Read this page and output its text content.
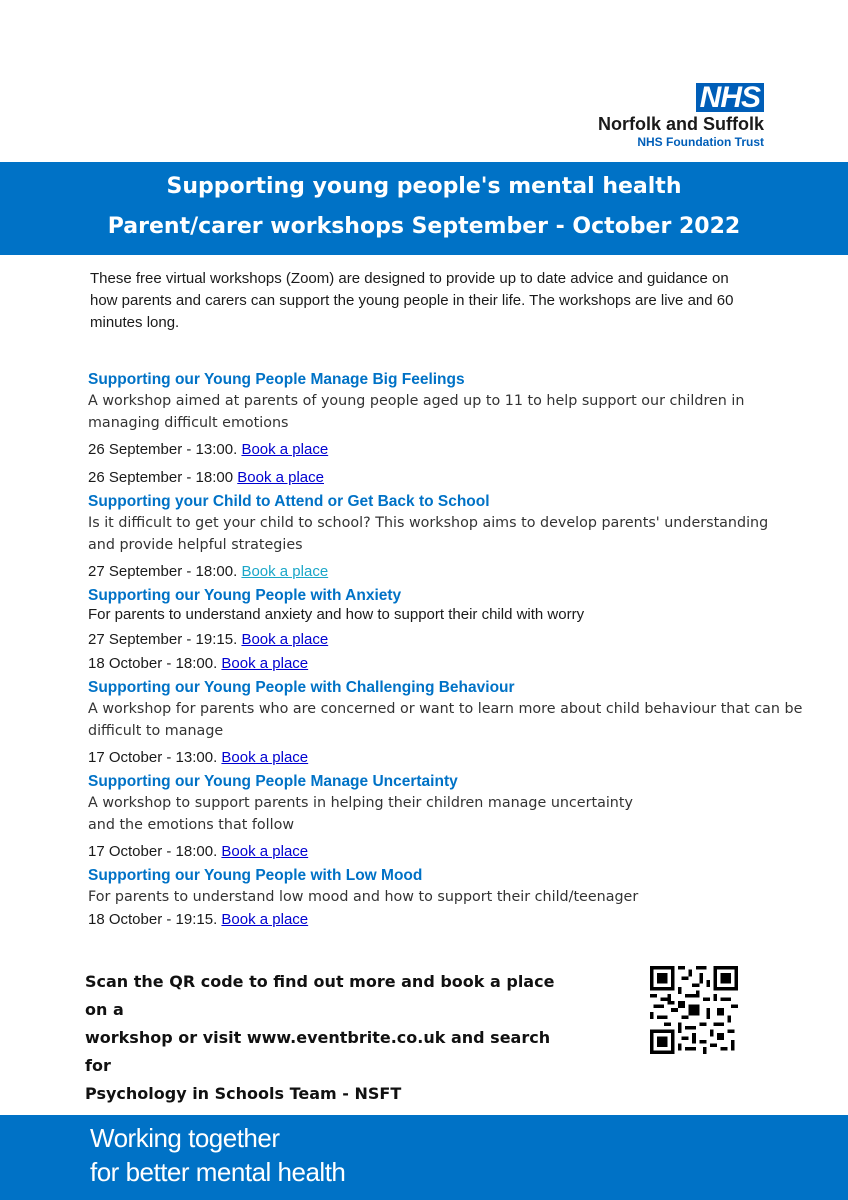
NHS
Norfolk and Suffolk
NHS Foundation Trust
Supporting young people's mental health
Parent/carer workshops September - October 2022
These free virtual workshops (Zoom) are designed to provide up to date advice and guidance on how parents and carers can support the young people in their life. The workshops are live and 60 minutes long.
Supporting our Young People Manage Big Feelings
A workshop aimed at parents of young people aged up to 11 to help support our children in managing difficult emotions
26 September - 13:00. Book a place
26 September - 18:00 Book a place
Supporting your Child to Attend or Get Back to School
Is it difficult to get your child to school? This workshop aims to develop parents' understanding and provide helpful strategies
27 September - 18:00. Book a place
Supporting our Young People with Anxiety
For parents to understand anxiety and how to support their child with worry
27 September - 19:15. Book a place
18 October - 18:00. Book a place
Supporting our Young People with Challenging Behaviour
A workshop for parents who are concerned or want to learn more about child behaviour that can be difficult to manage
17 October - 13:00. Book a place
Supporting our Young People Manage Uncertainty
A workshop to support parents in helping their children manage uncertainty
and the emotions that follow
17 October - 18:00. Book a place
Supporting our Young People with Low Mood
For parents to understand low mood and how to support their child/teenager
18 October - 19:15. Book a place
Scan the QR code to find out more and book a place on a
workshop or visit www.eventbrite.co.uk and search for
Psychology in Schools Team - NSFT
Working together
for better mental health
